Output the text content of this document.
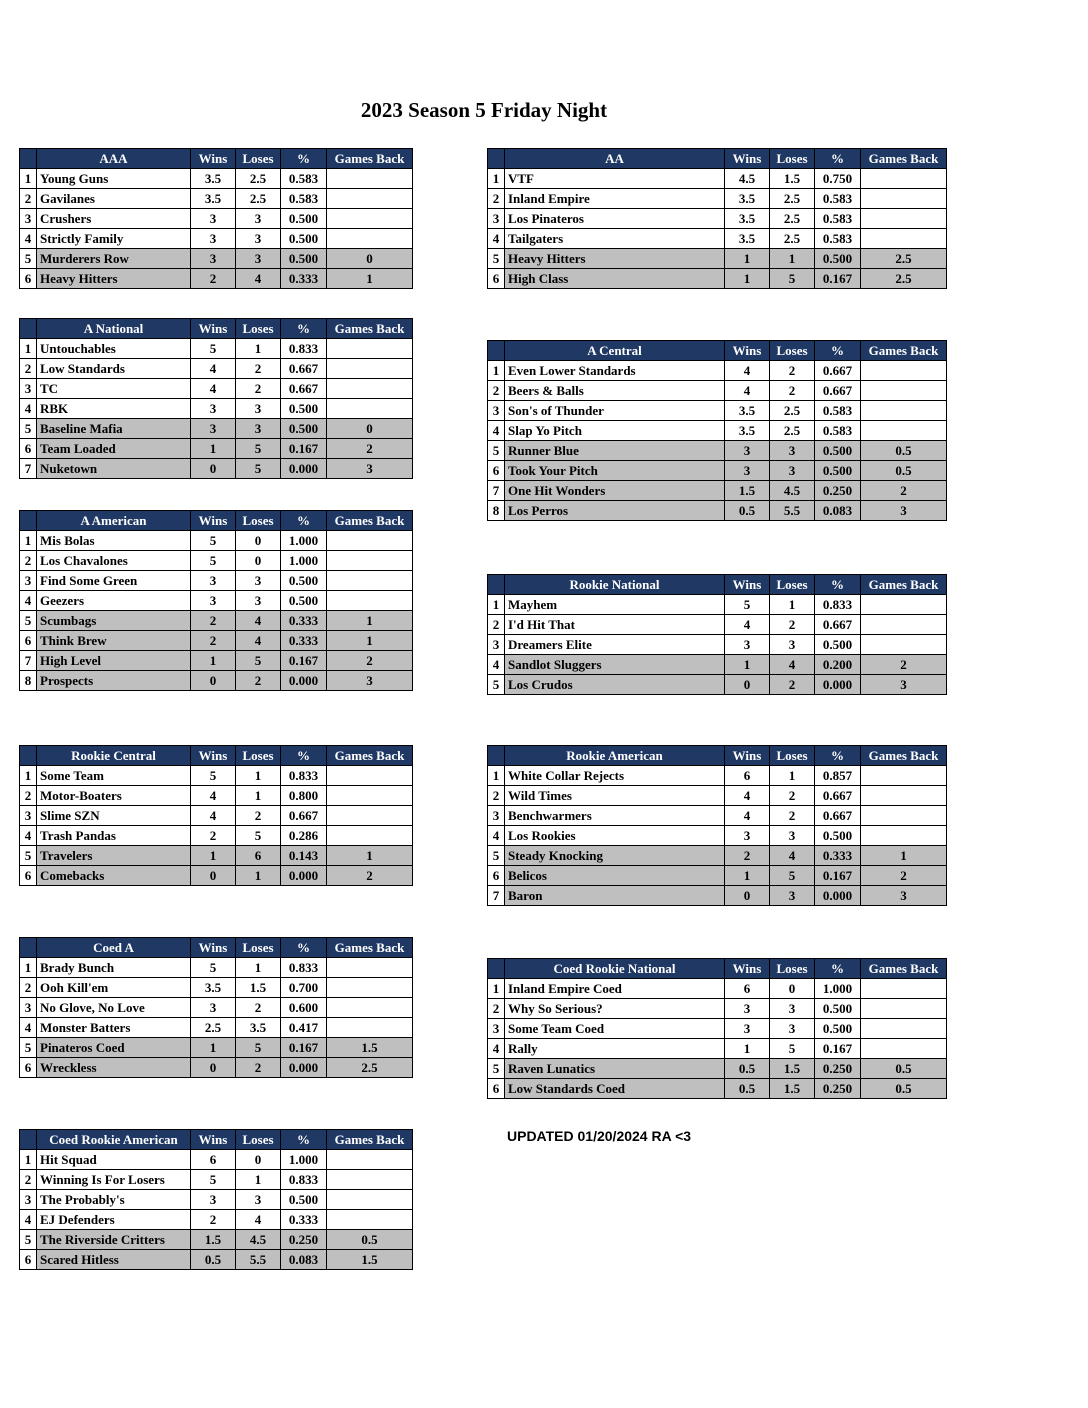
2023 Season 5 Friday Night
	AAA	Wins	Loses	%	Games Back
1	Young Guns	3.5	2.5	0.583	
2	Gavilanes	3.5	2.5	0.583	
3	Crushers	3	3	0.500	
4	Strictly Family	3	3	0.500	
5	Murderers Row	3	3	0.500	0
6	Heavy Hitters	2	4	0.333	1
	A National	Wins	Loses	%	Games Back
1	Untouchables	5	1	0.833	
2	Low Standards	4	2	0.667	
3	TC	4	2	0.667	
4	RBK	3	3	0.500	
5	Baseline Mafia	3	3	0.500	0
6	Team Loaded	1	5	0.167	2
7	Nuketown	0	5	0.000	3
	A American	Wins	Loses	%	Games Back
1	Mis Bolas	5	0	1.000	
2	Los Chavalones	5	0	1.000	
3	Find Some Green	3	3	0.500	
4	Geezers	3	3	0.500	
5	Scumbags	2	4	0.333	1
6	Think Brew	2	4	0.333	1
7	High Level	1	5	0.167	2
8	Prospects	0	2	0.000	3
	Rookie Central	Wins	Loses	%	Games Back
1	Some Team	5	1	0.833	
2	Motor-Boaters	4	1	0.800	
3	Slime SZN	4	2	0.667	
4	Trash Pandas	2	5	0.286	
5	Travelers	1	6	0.143	1
6	Comebacks	0	1	0.000	2
	Coed A	Wins	Loses	%	Games Back
1	Brady Bunch	5	1	0.833	
2	Ooh Kill'em	3.5	1.5	0.700	
3	No Glove, No Love	3	2	0.600	
4	Monster Batters	2.5	3.5	0.417	
5	Pinateros Coed	1	5	0.167	1.5
6	Wreckless	0	2	0.000	2.5
	Coed Rookie American	Wins	Loses	%	Games Back
1	Hit Squad	6	0	1.000	
2	Winning Is For Losers	5	1	0.833	
3	The Probably's	3	3	0.500	
4	EJ Defenders	2	4	0.333	
5	The Riverside Critters	1.5	4.5	0.250	0.5
6	Scared Hitless	0.5	5.5	0.083	1.5
	AA	Wins	Loses	%	Games Back
1	VTF	4.5	1.5	0.750	
2	Inland Empire	3.5	2.5	0.583	
3	Los Pinateros	3.5	2.5	0.583	
4	Tailgaters	3.5	2.5	0.583	
5	Heavy Hitters	1	1	0.500	2.5
6	High Class	1	5	0.167	2.5
	A Central	Wins	Loses	%	Games Back
1	Even Lower Standards	4	2	0.667	
2	Beers & Balls	4	2	0.667	
3	Son's of Thunder	3.5	2.5	0.583	
4	Slap Yo Pitch	3.5	2.5	0.583	
5	Runner Blue	3	3	0.500	0.5
6	Took Your Pitch	3	3	0.500	0.5
7	One Hit Wonders	1.5	4.5	0.250	2
8	Los Perros	0.5	5.5	0.083	3
	Rookie National	Wins	Loses	%	Games Back
1	Mayhem	5	1	0.833	
2	I'd Hit That	4	2	0.667	
3	Dreamers Elite	3	3	0.500	
4	Sandlot Sluggers	1	4	0.200	2
5	Los Crudos	0	2	0.000	3
	Rookie American	Wins	Loses	%	Games Back
1	White Collar Rejects	6	1	0.857	
2	Wild Times	4	2	0.667	
3	Benchwarmers	4	2	0.667	
4	Los Rookies	3	3	0.500	
5	Steady Knocking	2	4	0.333	1
6	Belicos	1	5	0.167	2
7	Baron	0	3	0.000	3
	Coed Rookie National	Wins	Loses	%	Games Back
1	Inland Empire Coed	6	0	1.000	
2	Why So Serious?	3	3	0.500	
3	Some Team Coed	3	3	0.500	
4	Rally	1	5	0.167	
5	Raven Lunatics	0.5	1.5	0.250	0.5
6	Low Standards Coed	0.5	1.5	0.250	0.5
UPDATED 01/20/2024 RA <3
